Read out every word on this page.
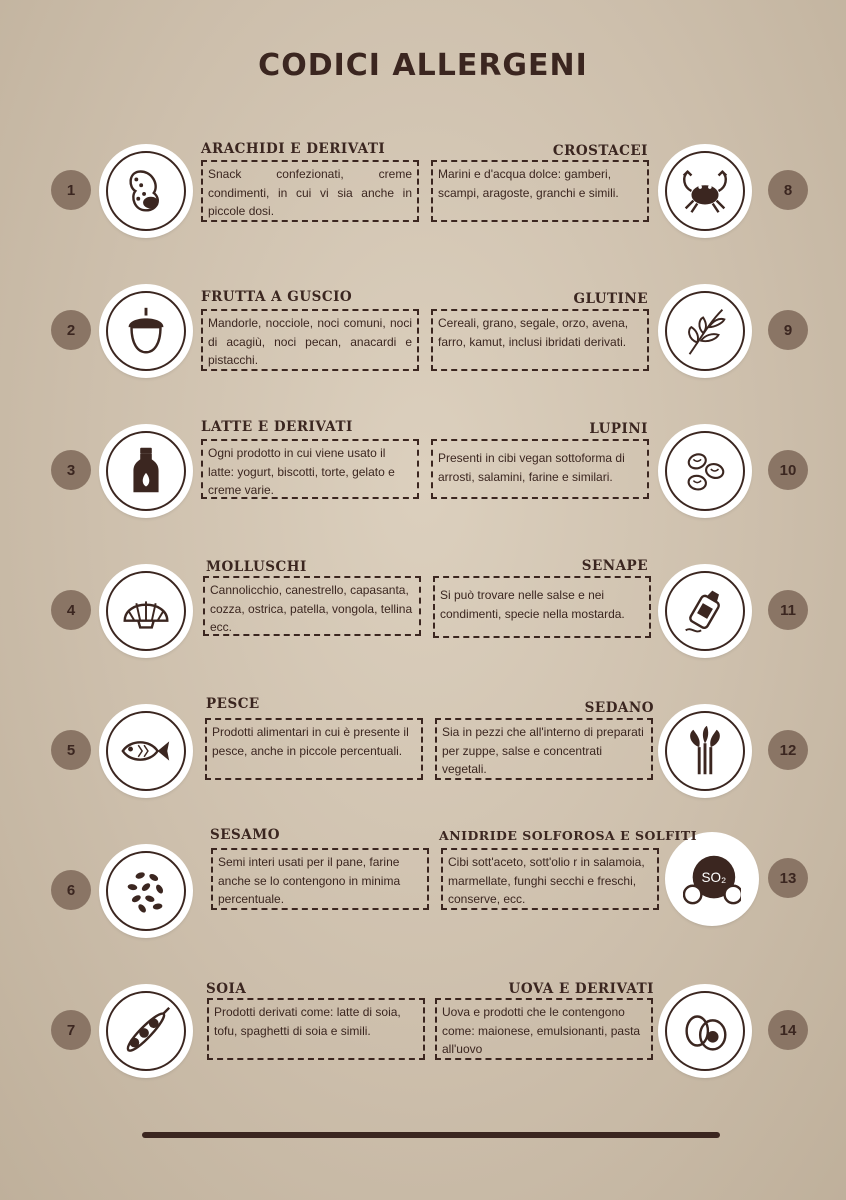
CODICI ALLERGENI
1
ARACHIDI E DERIVATI
Snack confezionati, creme condimenti, in cui vi sia anche in piccole dosi.
2
FRUTTA A GUSCIO
Mandorle, nocciole, noci comuni, noci di acagiù, noci pecan, anacardi e pistacchi.
3
LATTE E DERIVATI
Ogni prodotto in cui viene usato il latte: yogurt, biscotti, torte, gelato e creme varie.
4
MOLLUSCHI
Cannolicchio, canestrello, capasanta, cozza, ostrica, patella, vongola, tellina ecc.
5
PESCE
Prodotti alimentari in cui è presente il pesce, anche in piccole percentuali.
6
SESAMO
Semi interi usati per il pane, farine anche se lo contengono in minima percentuale.
7
SOIA
Prodotti derivati come: latte di soia, tofu, spaghetti di soia e simili.
8
CROSTACEI
Marini e d'acqua dolce: gamberi, scampi, aragoste, granchi e simili.
9
GLUTINE
Cereali, grano, segale, orzo, avena, farro, kamut, inclusi ibridati derivati.
10
LUPINI
Presenti in cibi vegan sottoforma di arrosti, salamini, farine e similari.
11
SENAPE
Si può trovare nelle salse e nei condimenti, specie nella mostarda.
12
SEDANO
Sia in pezzi che all'interno di preparati per zuppe, salse e concentrati vegetali.
13
SO₂
ANIDRIDE SOLFOROSA E SOLFITI
Cibi sott'aceto, sott'olio r in salamoia, marmellate, funghi secchi e freschi, conserve, ecc.
14
UOVA E DERIVATI
Uova e prodotti che le contengono come: maionese, emulsionanti, pasta all'uovo
